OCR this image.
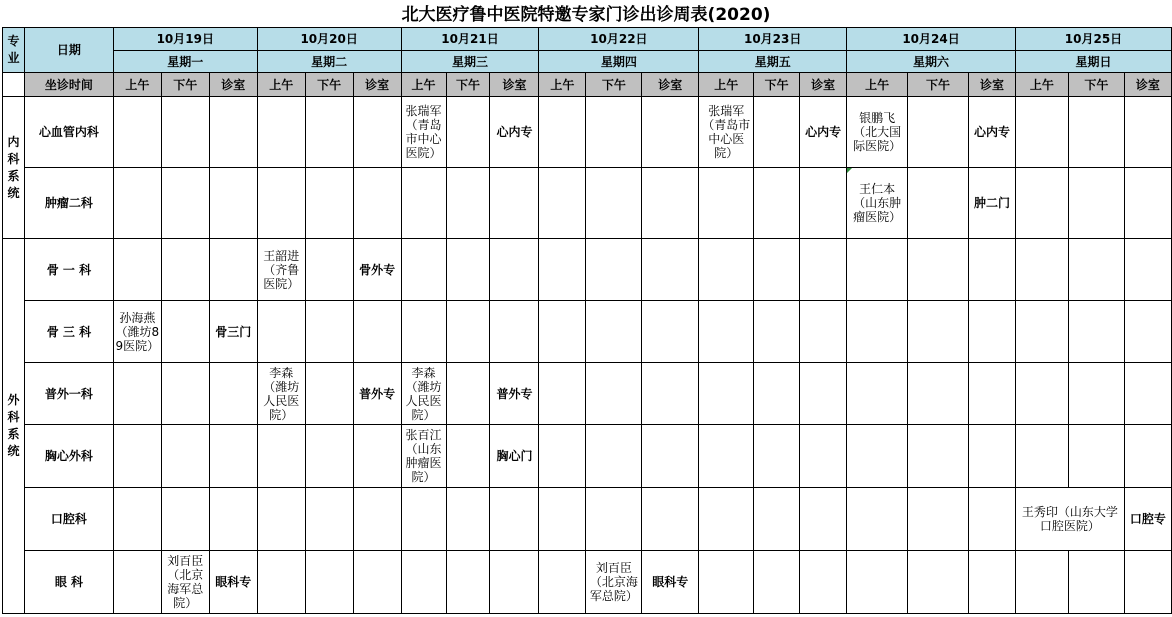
北大医疗鲁中医院特邀专家门诊出诊周表(2020)
专业	日期	10月19日			10月20日			10月21日			10月22日			10月23日			10月24日			10月25日		
		星期一			星期二			星期三			星期四			星期五			星期六			星期日		
	坐诊时间	上午	下午	诊室	上午	下午	诊室	上午	下午	诊室	上午	下午	诊室	上午	下午	诊室	上午	下午	诊室	上午	下午	诊室
内科系统	心血管内科							张瑞军（青岛市中心医院）		心内专				张瑞军（青岛市中心医院）		心内专	银鹏飞（北大国际医院）		心内专			
	肿瘤二科																王仁本（山东肿瘤医院）		肿二门			
外科系统	骨 一 科				王韶进（齐鲁医院）		骨外专															
	骨 三 科	孙海燕（潍坊89医院）		骨三门																		
	普外一科				李森（潍坊人民医院）		普外专	李森（潍坊人民医院）		普外专												
	胸心外科							张百江（山东肿瘤医院）		胸心门												
	口腔科																			王秀印（山东大学口腔医院）		口腔专
	眼 科		刘百臣（北京海军总院）	眼科专								刘百臣（北京海军总院）	眼科专									
